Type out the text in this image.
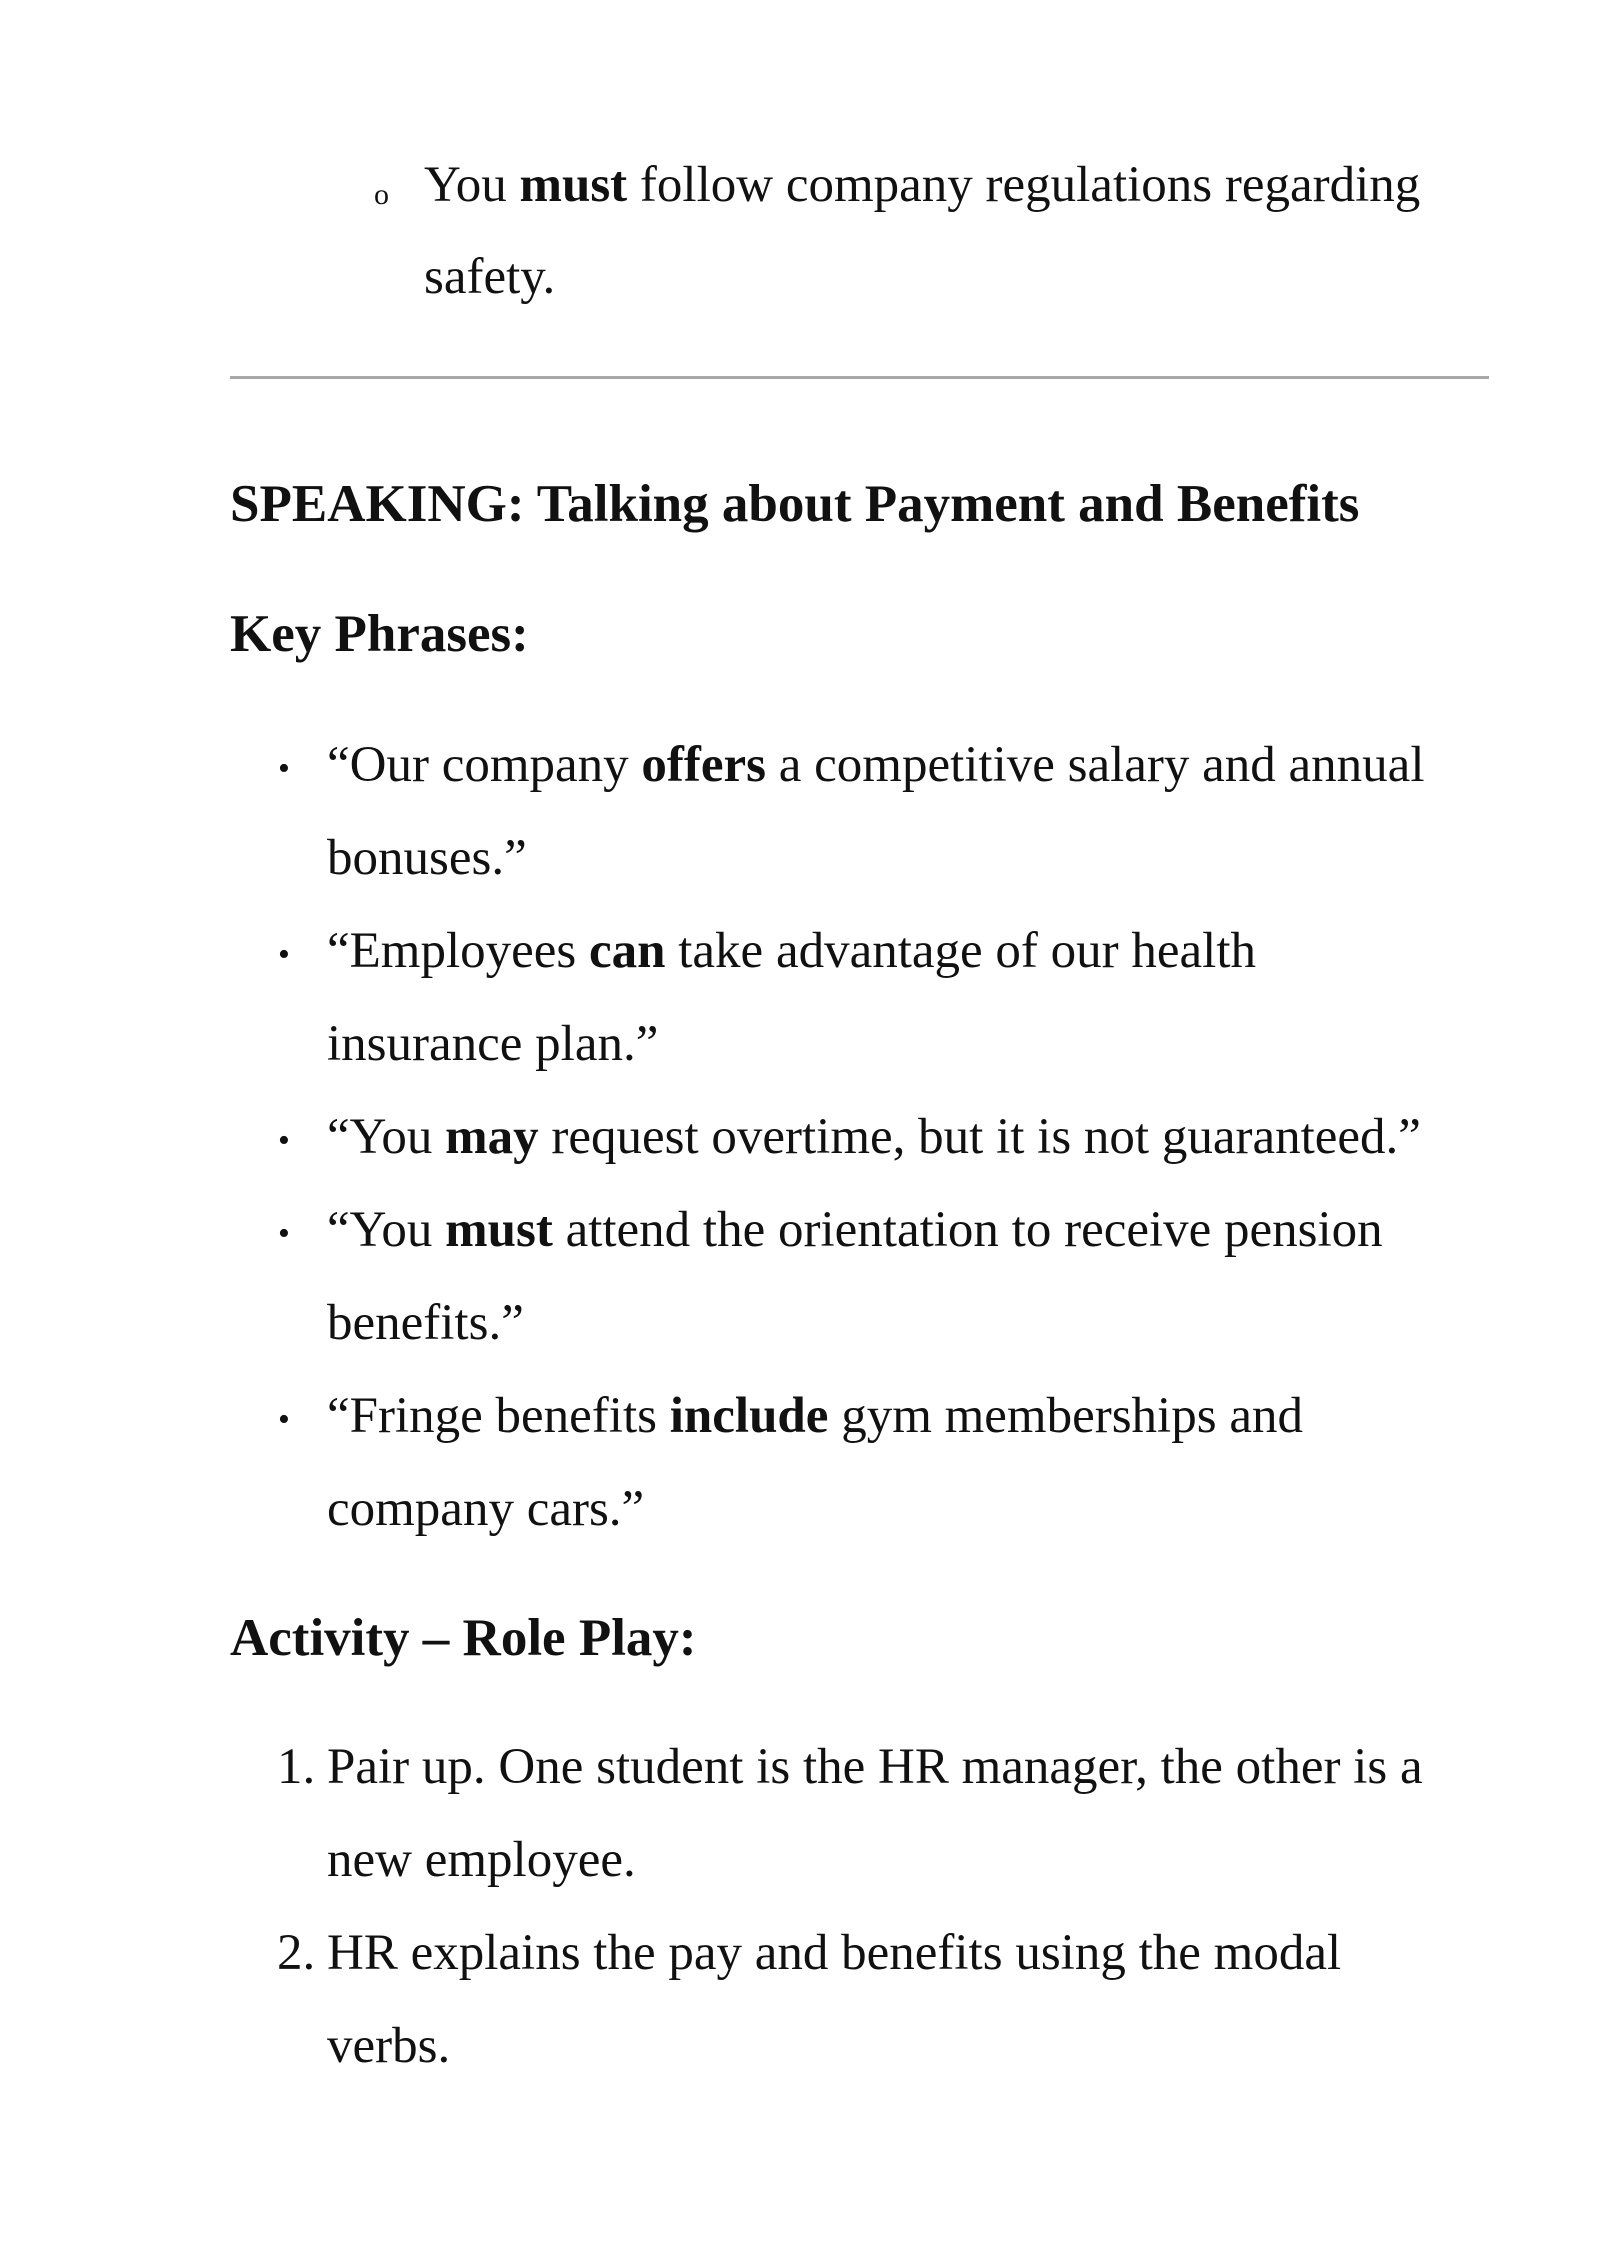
o You must follow company regulations regarding
safety.
SPEAKING: Talking about Payment and Benefits
Key Phrases:
• “Our company offers a competitive salary and annual
bonuses.”
• “Employees can take advantage of our health
insurance plan.”
• “You may request overtime, but it is not guaranteed.”
• “You must attend the orientation to receive pension
benefits.”
• “Fringe benefits include gym memberships and
company cars.”
Activity – Role Play:
1. Pair up. One student is the HR manager, the other is a
new employee.
2. HR explains the pay and benefits using the modal
verbs.
